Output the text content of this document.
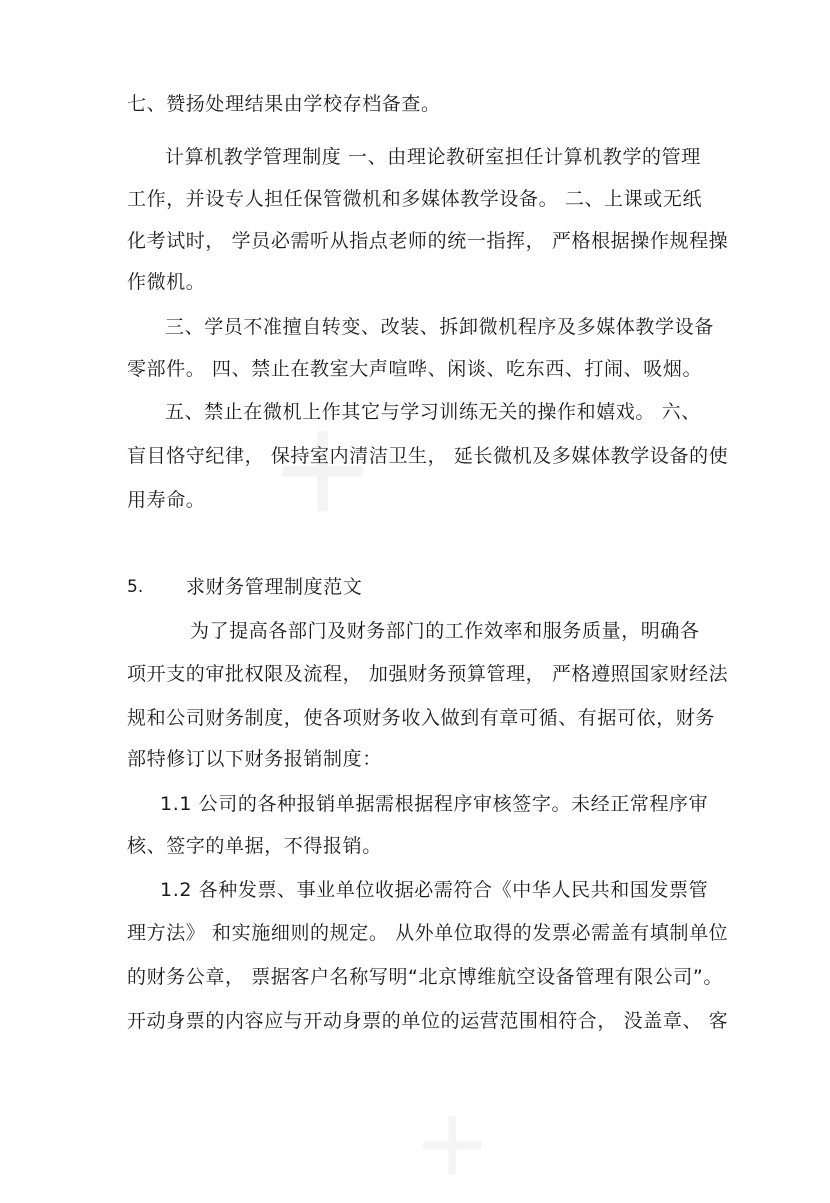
七、赞扬处理结果由学校存档备查。
计算机教学管理制度 一、由理论教研室担任计算机教学的管理
工作，并设专人担任保管微机和多媒体教学设备。 二、上课或无纸
化考试时， 学员必需听从指点老师的统一指挥， 严格根据操作规程操
作微机。
三、学员不准擅自转变、改装、拆卸微机程序及多媒体教学设备
零部件。 四、禁止在教室大声喧哗、闲谈、吃东西、打闹、吸烟。
五、禁止在微机上作其它与学习训练无关的操作和嬉戏。 六、
盲目恪守纪律， 保持室内清洁卫生， 延长微机及多媒体教学设备的使
用寿命。
5. 求财务管理制度范文
为了提高各部门及财务部门的工作效率和服务质量，明确各
项开支的审批权限及流程， 加强财务预算管理， 严格遵照国家财经法
规和公司财务制度，使各项财务收入做到有章可循、有据可依，财务
部特修订以下财务报销制度：
1.1 公司的各种报销单据需根据程序审核签字。未经正常程序审
核、签字的单据，不得报销。
1.2 各种发票、事业单位收据必需符合《中华人民共和国发票管
理方法》 和实施细则的规定。 从外单位取得的发票必需盖有填制单位
的财务公章， 票据客户名称写明“北京博维航空设备管理有限公司”。
开动身票的内容应与开动身票的单位的运营范围相符合， 没盖章、 客
